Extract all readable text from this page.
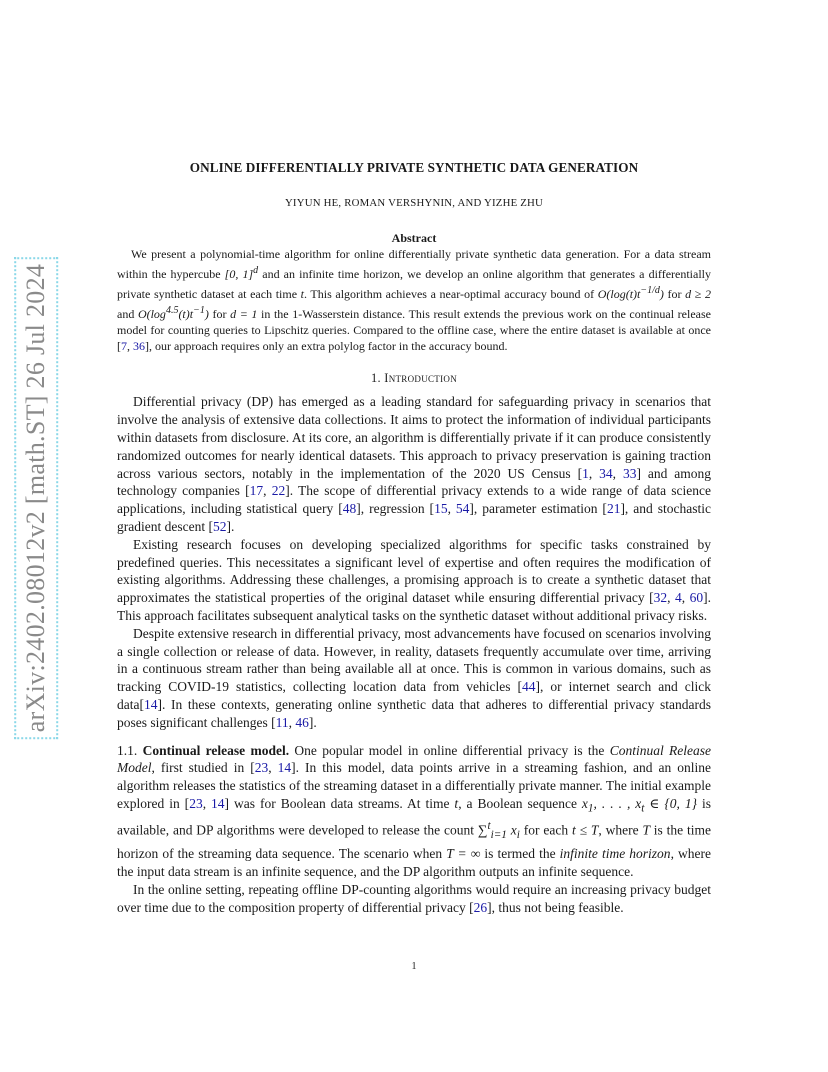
arXiv:2402.08012v2 [math.ST] 26 Jul 2024
ONLINE DIFFERENTIALLY PRIVATE SYNTHETIC DATA GENERATION

YIYUN HE, ROMAN VERSHYNIN, AND YIZHE ZHU

Abstract

We present a polynomial-time algorithm for online differentially private synthetic data generation. For a data stream within the hypercube [0, 1]$^d$ and an infinite time horizon, we develop an online algorithm that generates a differentially private synthetic dataset at each time t. This algorithm achieves a near-optimal accuracy bound of $O(\log(t)t^{-1/d})$ for d ≥ 2 and $O(\log^{4.5}(t)t^{-1})$ for d = 1 in the 1-Wasserstein distance. This result extends the previous work on the continual release model for counting queries to Lipschitz queries. Compared to the offline case, where the entire dataset is available at once [7, 36], our approach requires only an extra polylog factor in the accuracy bound.

1. Introduction

Differential privacy (DP) has emerged as a leading standard for safeguarding privacy in scenarios that involve the analysis of extensive data collections. It aims to protect the information of individual participants within datasets from disclosure. At its core, an algorithm is differentially private if it can produce consistently randomized outcomes for nearly identical datasets. This approach to privacy preservation is gaining traction across various sectors, notably in the implementation of the 2020 US Census [1, 34, 33] and among technology companies [17, 22]. The scope of differential privacy extends to a wide range of data science applications, including statistical query [48], regression [15, 54], parameter estimation [21], and stochastic gradient descent [52].

Existing research focuses on developing specialized algorithms for specific tasks constrained by predefined queries. This necessitates a significant level of expertise and often requires the modification of existing algorithms. Addressing these challenges, a promising approach is to create a synthetic dataset that approximates the statistical properties of the original dataset while ensuring differential privacy [32, 4, 60]. This approach facilitates subsequent analytical tasks on the synthetic dataset without additional privacy risks.

Despite extensive research in differential privacy, most advancements have focused on scenarios involving a single collection or release of data. However, in reality, datasets frequently accumulate over time, arriving in a continuous stream rather than being available all at once. This is common in various domains, such as tracking COVID-19 statistics, collecting location data from vehicles [44], or internet search and click data[14]. In these contexts, generating online synthetic data that adheres to differential privacy standards poses significant challenges [11, 46].

1.1. Continual release model. One popular model in online differential privacy is the Continual Release Model, first studied in [23, 14]. In this model, data points arrive in a streaming fashion, and an online algorithm releases the statistics of the streaming dataset in a differentially private manner. The initial example explored in [23, 14] was for Boolean data streams. At time t, a Boolean sequence $x_1$, . . . , $x_t$ ∈ {0, 1} is available, and DP algorithms were developed to release the count ∑$^t_{i=1}$ $x_i$ for each t ≤ T, where T is the time horizon of the streaming data sequence. The scenario when T = ∞ is termed the infinite time horizon, where the input data stream is an infinite sequence, and the DP algorithm outputs an infinite sequence.

In the online setting, repeating offline DP-counting algorithms would require an increasing privacy budget over time due to the composition property of differential privacy [26], thus not being feasible.

1
